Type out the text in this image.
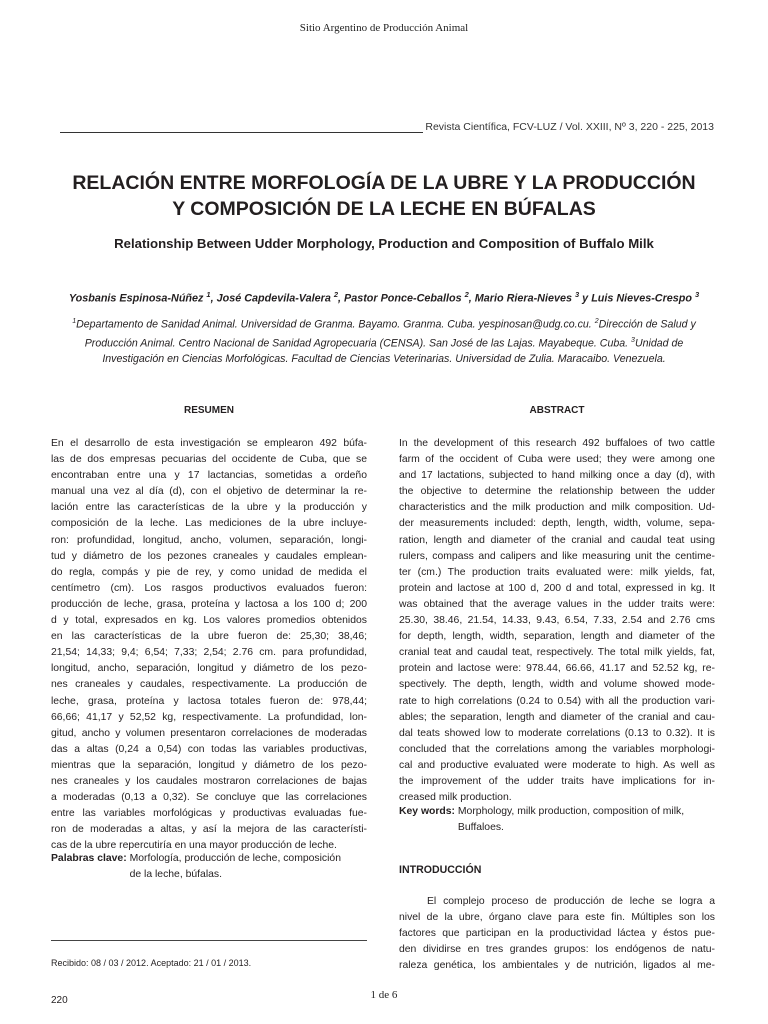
Sitio Argentino de Producción Animal
Revista Científica, FCV-LUZ / Vol. XXIII, Nº 3, 220 - 225, 2013
RELACIÓN ENTRE MORFOLOGÍA DE LA UBRE Y LA PRODUCCIÓN
Y COMPOSICIÓN DE LA LECHE EN BÚFALAS
Relationship Between Udder Morphology, Production and Composition of Buffalo Milk
Yosbanis Espinosa-Núñez $^1$, José Capdevila-Valera $^2$, Pastor Ponce-Ceballos $^2$, Mario Riera-Nieves $^3$ y Luis Nieves-Crespo $^3$
$^1$Departamento de Sanidad Animal. Universidad de Granma. Bayamo. Granma. Cuba. yespinosan@udg.co.cu. $^2$Dirección de Salud y Producción Animal. Centro Nacional de Sanidad Agropecuaria (CENSA). San José de las Lajas. Mayabeque. Cuba. $^3$Unidad de Investigación en Ciencias Morfológicas. Facultad de Ciencias Veterinarias. Universidad de Zulia. Maracaibo. Venezuela.
RESUMEN
En el desarrollo de esta investigación se emplearon 492 búfa-
las de dos empresas pecuarias del occidente de Cuba, que se
encontraban entre una y 17 lactancias, sometidas a ordeño
manual una vez al día (d), con el objetivo de determinar la re-
lación entre las características de la ubre y la producción y
composición de la leche. Las mediciones de la ubre incluye-
ron: profundidad, longitud, ancho, volumen, separación, longi-
tud y diámetro de los pezones craneales y caudales emplean-
do regla, compás y pie de rey, y como unidad de medida el
centímetro (cm). Los rasgos productivos evaluados fueron:
producción de leche, grasa, proteína y lactosa a los 100 d; 200
d y total, expresados en kg. Los valores promedios obtenidos
en las características de la ubre fueron de: 25,30; 38,46;
21,54; 14,33; 9,4; 6,54; 7,33; 2,54; 2.76 cm. para profundidad,
longitud, ancho, separación, longitud y diámetro de los pezo-
nes craneales y caudales, respectivamente. La producción de
leche, grasa, proteína y lactosa totales fueron de: 978,44;
66,66; 41,17 y 52,52 kg, respectivamente. La profundidad, lon-
gitud, ancho y volumen presentaron correlaciones de moderadas
das a altas (0,24 a 0,54) con todas las variables productivas,
mientras que la separación, longitud y diámetro de los pezo-
nes craneales y los caudales mostraron correlaciones de bajas
a moderadas (0,13 a 0,32). Se concluye que las correlaciones
entre las variables morfológicas y productivas evaluadas fue-
ron de moderadas a altas, y así la mejora de las característi-
cas de la ubre repercutiría en una mayor producción de leche.
Palabras clave: Morfología, producción de leche, composición
de la leche, búfalas.
Recibido: 08 / 03 / 2012. Aceptado: 21 / 01 / 2013.
220
ABSTRACT
In the development of this research 492 buffaloes of two cattle
farm of the occident of Cuba were used; they were among one
and 17 lactations, subjected to hand milking once a day (d), with
the objective to determine the relationship between the udder
characteristics and the milk production and milk composition. Ud-
der measurements included: depth, length, width, volume, sepa-
ration, length and diameter of the cranial and caudal teat using
rulers, compass and calipers and like measuring unit the centime-
ter (cm.) The production traits evaluated were: milk yields, fat,
protein and lactose at 100 d, 200 d and total, expressed in kg. It
was obtained that the average values in the udder traits were:
25.30, 38.46, 21.54, 14.33, 9.43, 6.54, 7.33, 2.54 and 2.76 cms
for depth, length, width, separation, length and diameter of the
cranial teat and caudal teat, respectively. The total milk yields, fat,
protein and lactose were: 978.44, 66.66, 41.17 and 52.52 kg, re-
spectively. The depth, length, width and volume showed mode-
rate to high correlations (0.24 to 0.54) with all the production vari-
ables; the separation, length and diameter of the cranial and cau-
dal teats showed low to moderate correlations (0.13 to 0.32). It is
concluded that the correlations among the variables morphologi-
cal and productive evaluated were moderate to high. As well as
the improvement of the udder traits have implications for in-
creased milk production.
Key words: Morphology, milk production, composition of milk,
Buffaloes.
INTRODUCCIÓN
El complejo proceso de producción de leche se logra a
nivel de la ubre, órgano clave para este fin. Múltiples son los
factores que participan en la productividad láctea y éstos pue-
den dividirse en tres grandes grupos: los endógenos de natu-
raleza genética, los ambientales y de nutrición, ligados al me-
1 de 6
